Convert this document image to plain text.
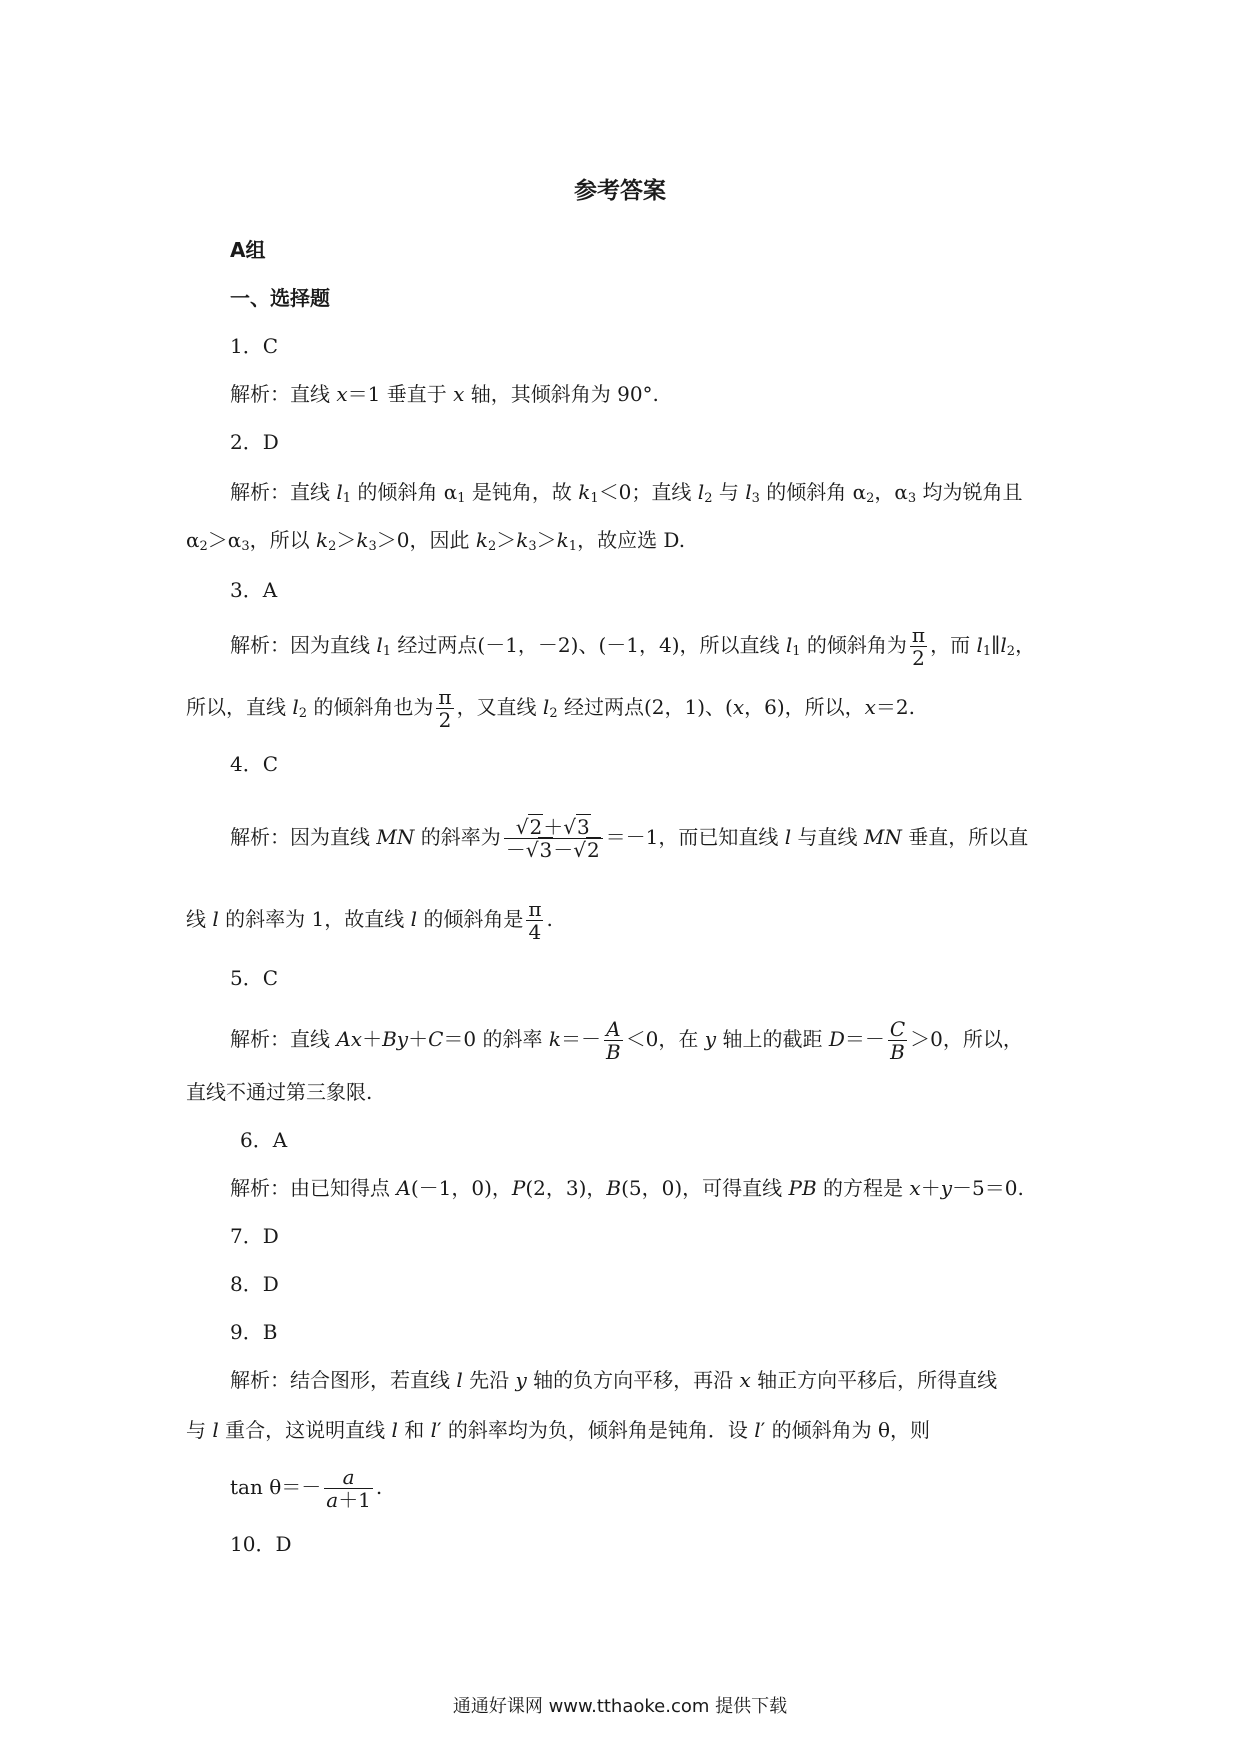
参考答案
A组
一、选择题
1．C
解析：直线 x＝1 垂直于 x 轴，其倾斜角为 90°.
2．D
解析：直线 $l_1$ 的倾斜角 $\alpha_1$ 是钝角，故 $k_1<0$；直线 $l_2$ 与 $l_3$ 的倾斜角 $\alpha_2$，$\alpha_3$ 均为锐角且
$\alpha_2>\alpha_3$，所以 $k_2>k_3>0$，因此 $k_2>k_3>k_1$，故应选 D.
3．A
解析：因为直线 $l_1$ 经过两点(－1，－2)、(－1，4)，所以直线 $l_1$ 的倾斜角为 $\frac{\pi}{2}$ ，而 $l_1\parallel l_2$，
所以，直线 $l_2$ 的倾斜角也为 $\frac{\pi}{2}$ ，又直线 $l_2$ 经过两点(2，1)、(x，6)，所以，x＝2.
4．C
解析：因为直线 MN 的斜率为 $\frac{√2+√3}{-√3-√2} =-1$，而已知直线 l 与直线 MN 垂直，所以直
线 l 的斜率为 1，故直线 l 的倾斜角是 $\frac{\pi}{4}$ .
5．C
解析：直线 Ax＋By＋C＝0 的斜率 $k=- \frac{A}{B} <0$，在 y 轴上的截距 $D=- \frac{C}{B} >0$，所以，
直线不通过第三象限.
6．A
解析：由已知得点 A(－1，0)，P(2，3)，B(5，0)，可得直线 PB 的方程是 x＋y－5＝0.
7．D
8．D
9．B
解析：结合图形，若直线 l 先沿 y 轴的负方向平移，再沿 x 轴正方向平移后，所得直线
与 l 重合，这说明直线 l 和 l′ 的斜率均为负，倾斜角是钝角．设 l′ 的倾斜角为 θ，则
$\tan \theta=- \frac{a}{a+1}$ .
10．D
通通好课网 www.tthaoke.com 提供下载
